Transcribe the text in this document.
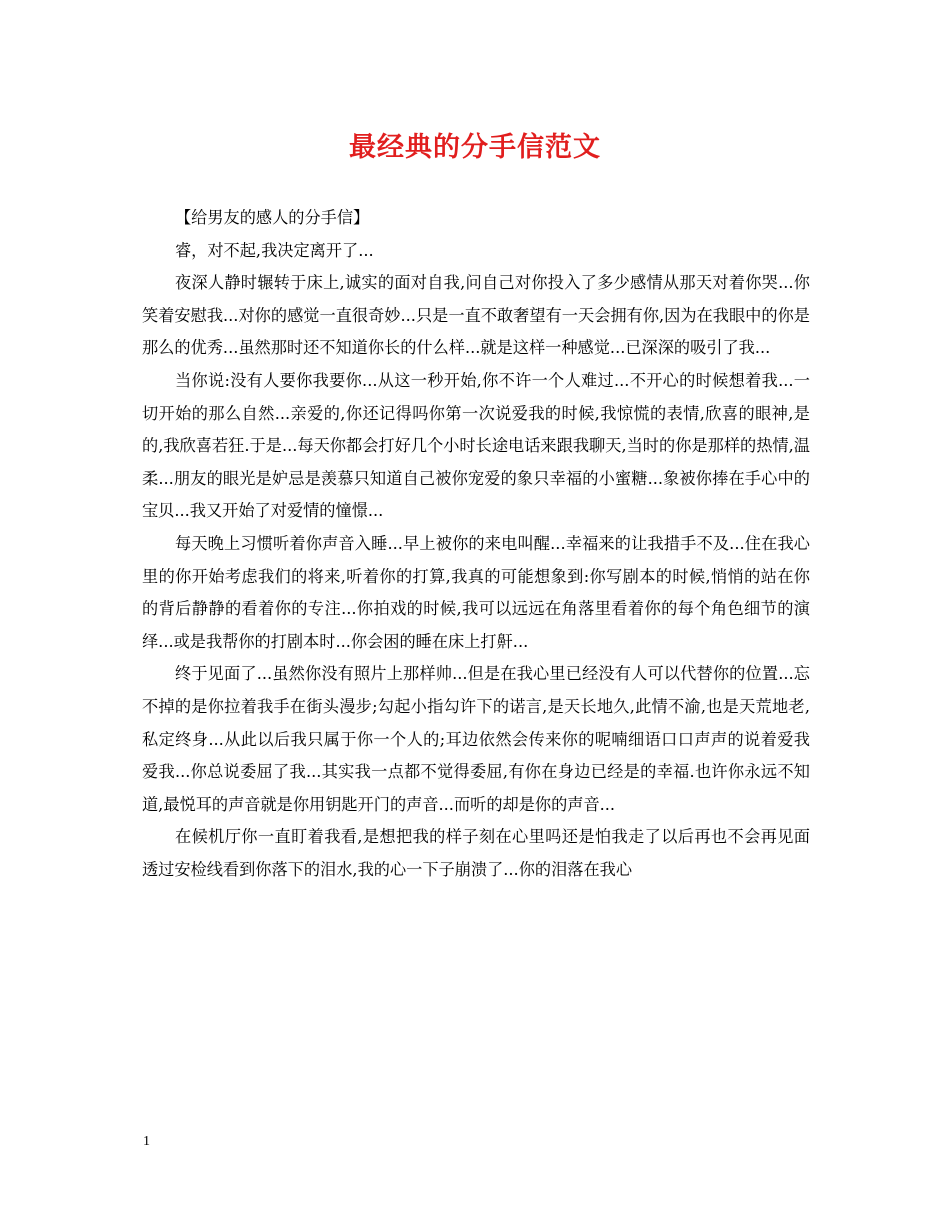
最经典的分手信范文

【给男友的感人的分手信】

睿，对不起,我决定离开了...

夜深人静时辗转于床上,诚实的面对自我,问自己对你投入了多少感情从那天对着你哭...你笑着安慰我...对你的感觉一直很奇妙...只是一直不敢奢望有一天会拥有你,因为在我眼中的你是那么的优秀...虽然那时还不知道你长的什么样...就是这样一种感觉...已深深的吸引了我...

当你说:没有人要你我要你...从这一秒开始,你不许一个人难过...不开心的时候想着我...一切开始的那么自然...亲爱的,你还记得吗你第一次说爱我的时候,我惊慌的表情,欣喜的眼神,是的,我欣喜若狂.于是...每天你都会打好几个小时长途电话来跟我聊天,当时的你是那样的热情,温柔...朋友的眼光是妒忌是羡慕只知道自己被你宠爱的象只幸福的小蜜糖...象被你捧在手心中的宝贝...我又开始了对爱情的憧憬...

每天晚上习惯听着你声音入睡...早上被你的来电叫醒...幸福来的让我措手不及...住在我心里的你开始考虑我们的将来,听着你的打算,我真的可能想象到:你写剧本的时候,悄悄的站在你的背后静静的看着你的专注...你拍戏的时候,我可以远远在角落里看着你的每个角色细节的演绎...或是我帮你的打剧本时...你会困的睡在床上打鼾...

终于见面了...虽然你没有照片上那样帅...但是在我心里已经没有人可以代替你的位置...忘不掉的是你拉着我手在街头漫步;勾起小指勾许下的诺言,是天长地久,此情不渝,也是天荒地老,私定终身...从此以后我只属于你一个人的;耳边依然会传来你的呢喃细语口口声声的说着爱我爱我...你总说委屈了我...其实我一点都不觉得委屈,有你在身边已经是的幸福.也许你永远不知道,最悦耳的声音就是你用钥匙开门的声音...而听的却是你的声音...

在候机厅你一直盯着我看,是想把我的样子刻在心里吗还是怕我走了以后再也不会再见面透过安检线看到你落下的泪水,我的心一下子崩溃了...你的泪落在我心

1
